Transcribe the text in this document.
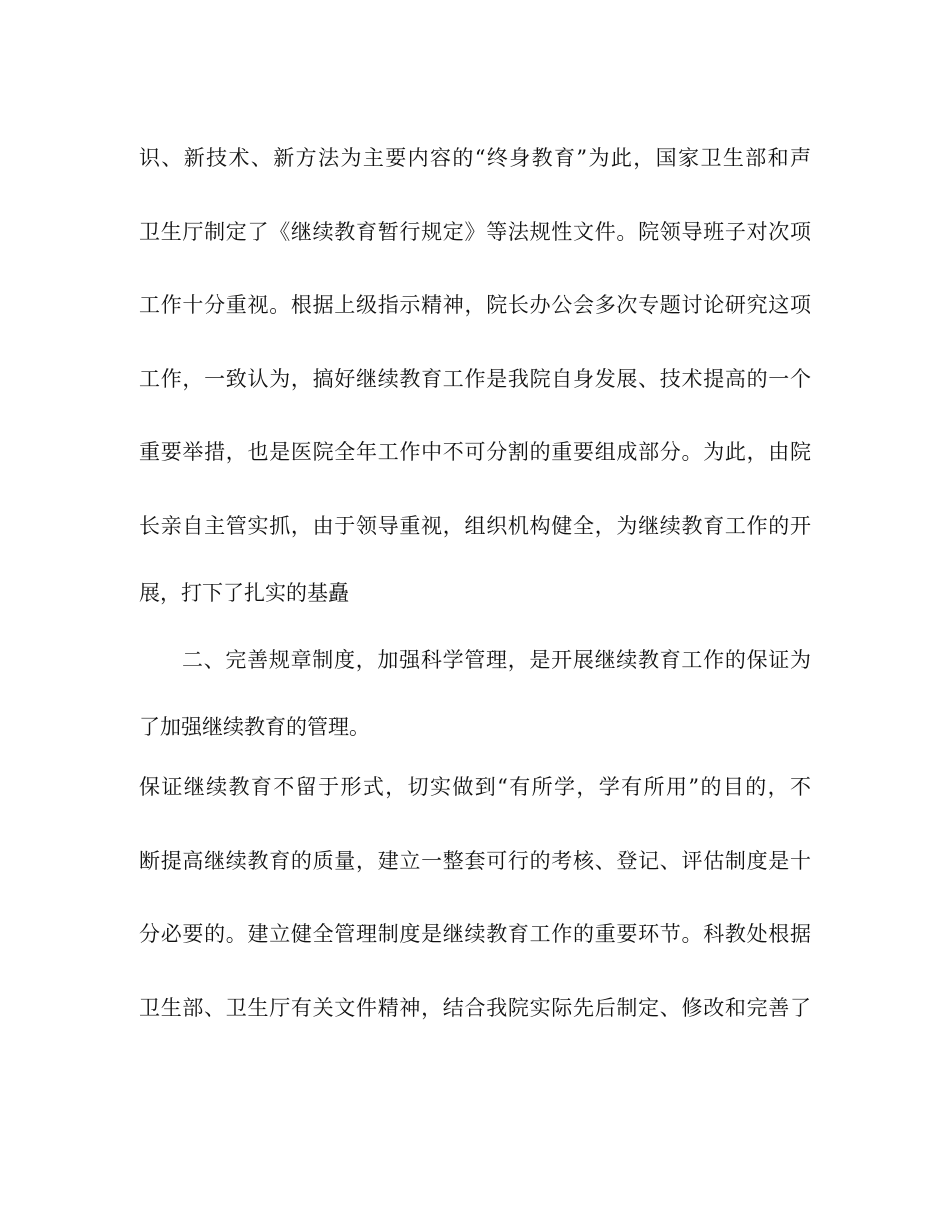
识、新技术、新方法为主要内容的“终身教育”为此，国家卫生部和声
卫生厅制定了《继续教育暂行规定》等法规性文件。院领导班子对次项
工作十分重视。根据上级指示精神，院长办公会多次专题讨论研究这项
工作，一致认为，搞好继续教育工作是我院自身发展、技术提高的一个
重要举措，也是医院全年工作中不可分割的重要组成部分。为此，由院
长亲自主管实抓，由于领导重视，组织机构健全，为继续教育工作的开
展，打下了扎实的基矗
二、完善规章制度，加强科学管理，是开展继续教育工作的保证为
了加强继续教育的管理。
保证继续教育不留于形式，切实做到“有所学，学有所用”的目的，不
断提高继续教育的质量，建立一整套可行的考核、登记、评估制度是十
分必要的。建立健全管理制度是继续教育工作的重要环节。科教处根据
卫生部、卫生厅有关文件精神，结合我院实际先后制定、修改和完善了
